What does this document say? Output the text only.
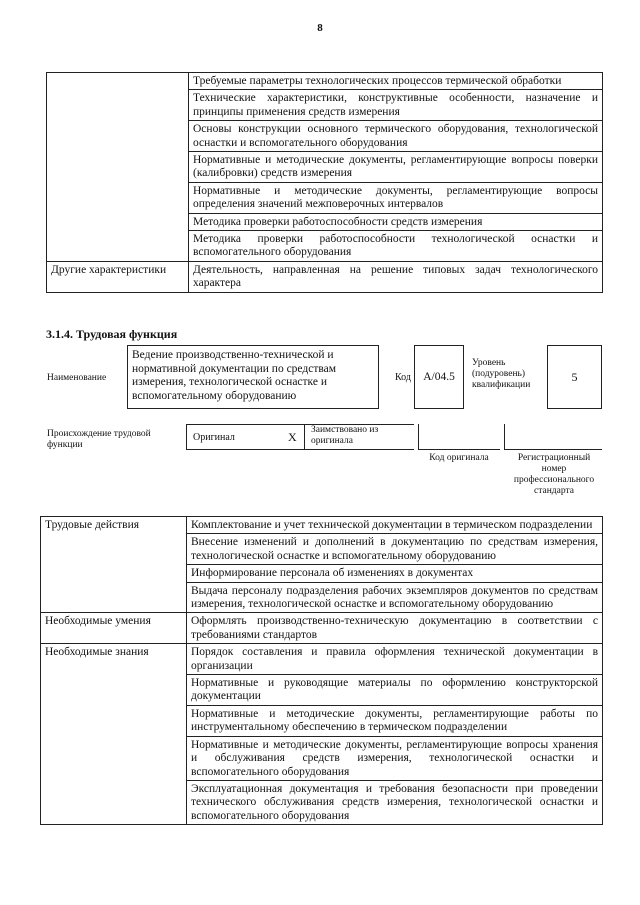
8
	Требуемые параметры технологических процессов термической обработки
	Технические характеристики, конструктивные особенности, назначение и принципы применения средств измерения
	Основы конструкции основного термического оборудования, технологической оснастки и вспомогательного оборудования
	Нормативные и методические документы, регламентирующие вопросы поверки (калибровки) средств измерения
	Нормативные и методические документы, регламентирующие вопросы определения значений межповерочных интервалов
	Методика проверки работоспособности средств измерения
	Методика проверки работоспособности технологической оснастки и вспомогательного оборудования
Другие характеристики	Деятельность, направленная на решение типовых задач технологического характера
3.1.4. Трудовая функция
Наименование
Ведение производственно-технической и нормативной документации по средствам измерения, технологической оснастке и вспомогательному оборудованию
Код	A/04.5
Уровень (подуровень) квалификации
5
Происхождение трудовой функции
Оригинал	X Заимствовано из оригинала
Код оригинала	Регистрационный номер профессионального стандарта
Трудовые действия	Комплектование и учет технической документации в термическом подразделении
	Внесение изменений и дополнений в документацию по средствам измерения, технологической оснастке и вспомогательному оборудованию
	Информирование персонала об изменениях в документах
	Выдача персоналу подразделения рабочих экземпляров документов по средствам измерения, технологической оснастке и вспомогательному оборудованию
Необходимые умения	Оформлять производственно-техническую документацию в соответствии с требованиями стандартов
Необходимые знания	Порядок составления и правила оформления технической документации в организации
	Нормативные и руководящие материалы по оформлению конструкторской документации
	Нормативные и методические документы, регламентирующие работы по инструментальному обеспечению в термическом подразделении
	Нормативные и методические документы, регламентирующие вопросы хранения и обслуживания средств измерения, технологической оснастки и вспомогательного оборудования
	Эксплуатационная документация и требования безопасности при проведении технического обслуживания средств измерения, технологической оснастки и вспомогательного оборудования
